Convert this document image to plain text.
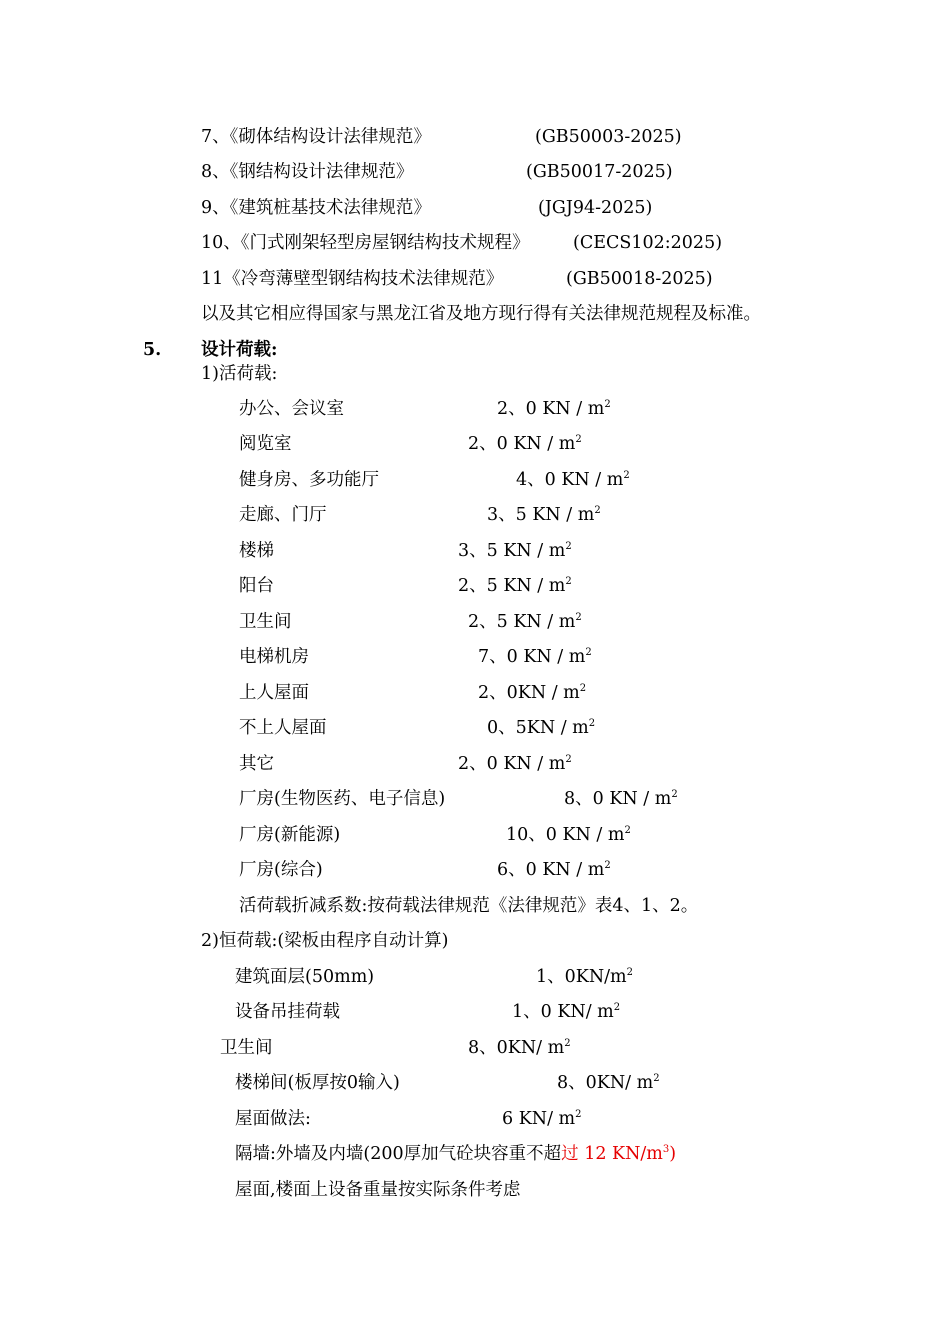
7、《砌体结构设计法律规范》	(GB50003-2025)
8、《钢结构设计法律规范》	(GB50017-2025)
9、《建筑桩基技术法律规范》	(JGJ94-2025)
10、《门式刚架轻型房屋钢结构技术规程》 (CECS102:2025)
11《冷弯薄壁型钢结构技术法律规范》	(GB50018-2025)
以及其它相应得国家与黑龙江省及地方现行得有关法律规范规程及标准。
5. 设计荷载:
1)活荷载:
办公、会议室	2、0 KN / $m^2$
阅览室	2、0 KN / $m^2$
健身房、多功能厅	4、0 KN / $m^2$
走廊、门厅	3、5 KN / $m^2$
楼梯	3、5 KN / $m^2$
阳台	2、5 KN / $m^2$
卫生间	2、5 KN / $m^2$
电梯机房	7、0 KN / $m^2$
上人屋面	2、$0KN / m^2$
不上人屋面	0、$5KN / m^2$
其它	2、0 KN / $m^2$
厂房(生物医药、电子信息)	8、0 KN / $m^2$
厂房(新能源)	10、0 KN / $m^2$
厂房(综合)	6、0 KN / $m^2$
活荷载折减系数:按荷载法律规范《法律规范》表4、1、2。
2)恒荷载:(梁板由程序自动计算)
建筑面层(50mm)	1、$0KN/m^2$
设备吊挂荷载	1、0 KN/ $m^2$
卫生间	8、0KN/ $m^2$
楼梯间(板厚按0输入)	8、0KN/ $m^2$
屋面做法:	6 KN/ $m^2$
隔墙:外墙及内墙(200厚加气砼块容重不超过 12 $KN/m^3$)
屋面,楼面上设备重量按实际条件考虑
